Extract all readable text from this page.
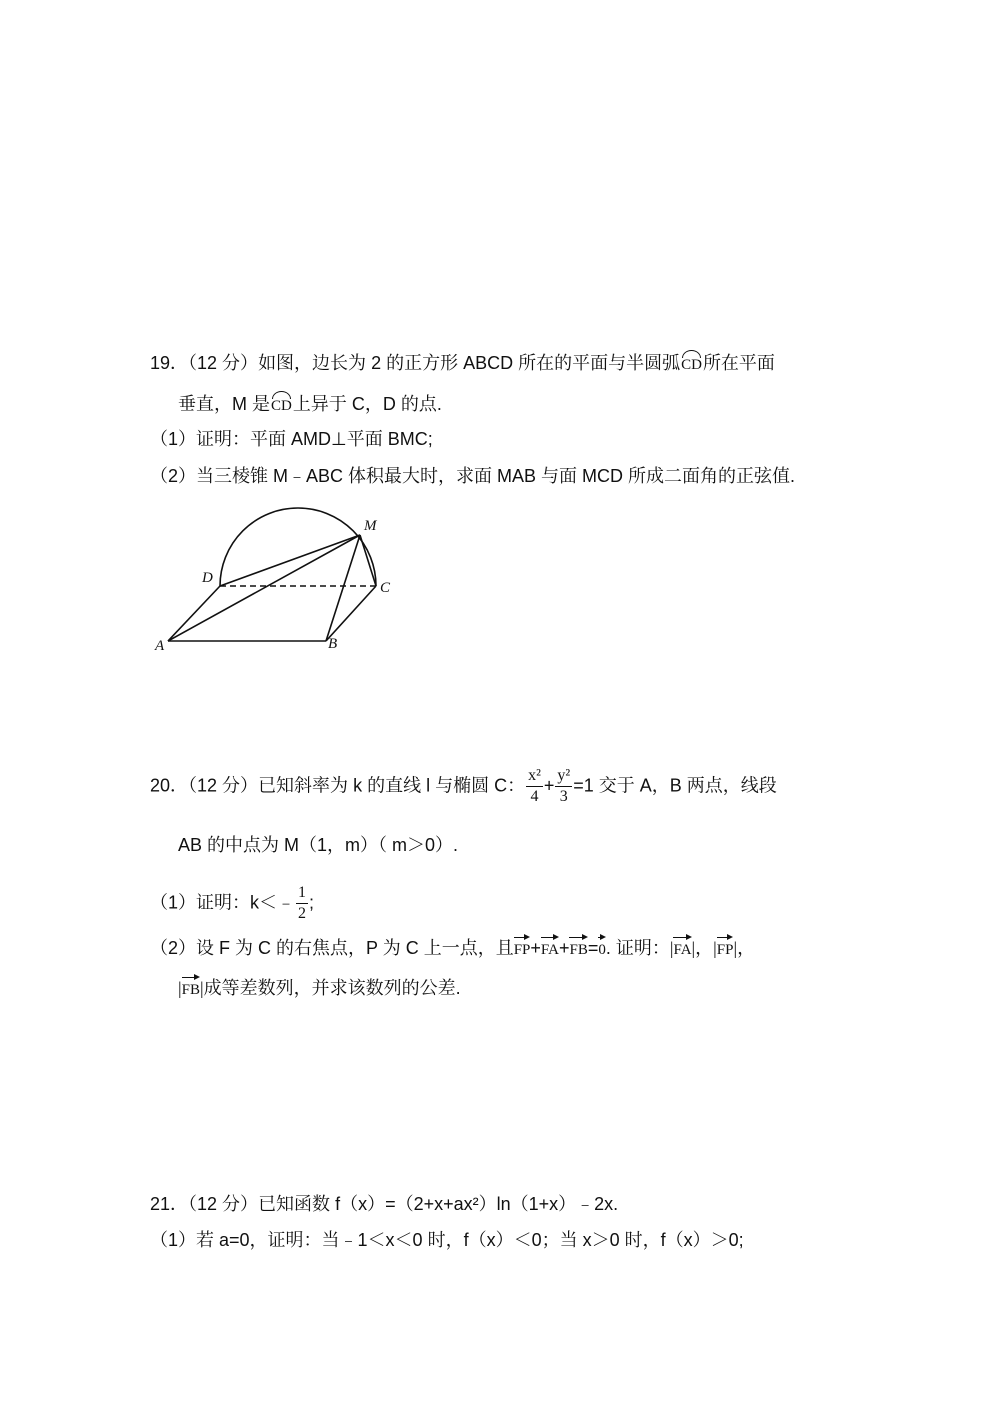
19．（12 分）如图，边长为 2 的正方形 ABCD 所在的平面与半圆弧CD所在平面
垂直，M 是CD上异于 C，D 的点.
（1）证明：平面 AMD⊥平面 BMC;
（2）当三棱锥 M﹣ABC 体积最大时，求面 MAB 与面 MCD 所成二面角的正弦值.
M
D
C
A	B
20．（12 分）已知斜率为 k 的直线 l 与椭圆 C： $\frac{\text{x²}}{4} + \frac{\text{y²}}{3} =1$ 交于 A，B 两点，线段
AB 的中点为 M（1，m）（ m＞0）.
（1）证明：k＜﹣ $\frac{1}{2}$ ;
（2）设 F 为 C 的右焦点，P 为 C 上一点，且FP+FA+FB=0. 证明：|FA|，|FP|，
|FB|成等差数列，并求该数列的公差.
21．（12 分）已知函数 f（x）=（2+x+ax²）ln（1+x）﹣2x.
（1）若 a=0，证明：当﹣1＜x＜0 时，f（x）＜0；当 x＞0 时，f（x）＞0;
